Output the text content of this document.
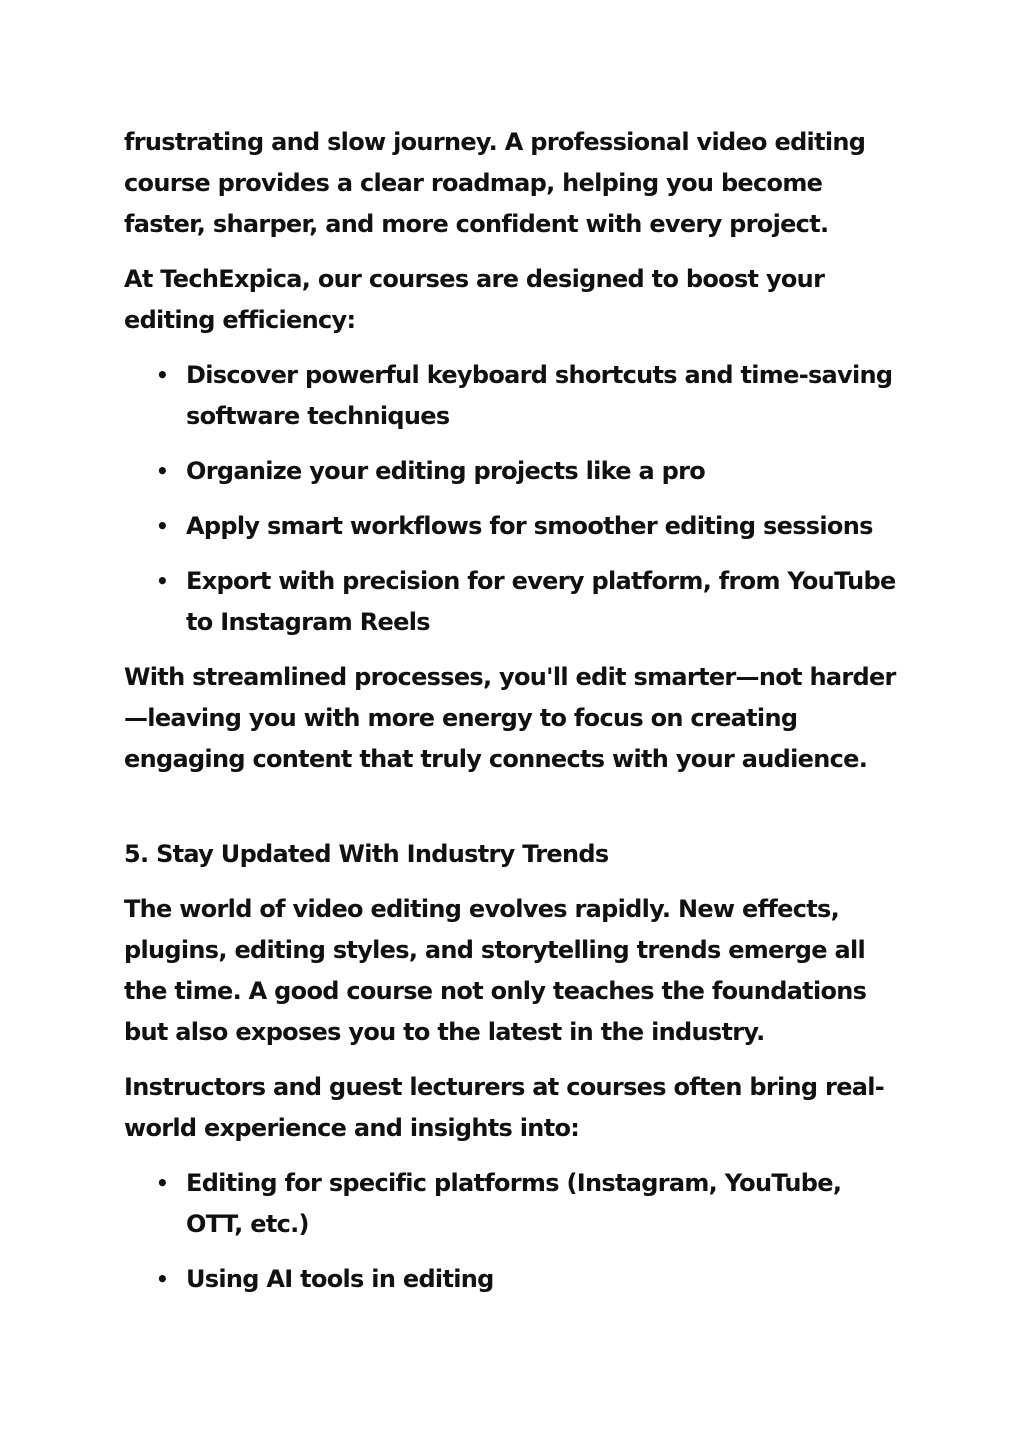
frustrating and slow journey. A professional video editing course provides a clear roadmap, helping you become faster, sharper, and more confident with every project.

At TechExpica, our courses are designed to boost your editing efficiency:

• Discover powerful keyboard shortcuts and time-saving software techniques
• Organize your editing projects like a pro
• Apply smart workflows for smoother editing sessions
• Export with precision for every platform, from YouTube to Instagram Reels

With streamlined processes, you'll edit smarter—not harder—leaving you with more energy to focus on creating engaging content that truly connects with your audience.

5. Stay Updated With Industry Trends

The world of video editing evolves rapidly. New effects, plugins, editing styles, and storytelling trends emerge all the time. A good course not only teaches the foundations but also exposes you to the latest in the industry.

Instructors and guest lecturers at courses often bring real-world experience and insights into:

• Editing for specific platforms (Instagram, YouTube, OTT, etc.)
• Using AI tools in editing
